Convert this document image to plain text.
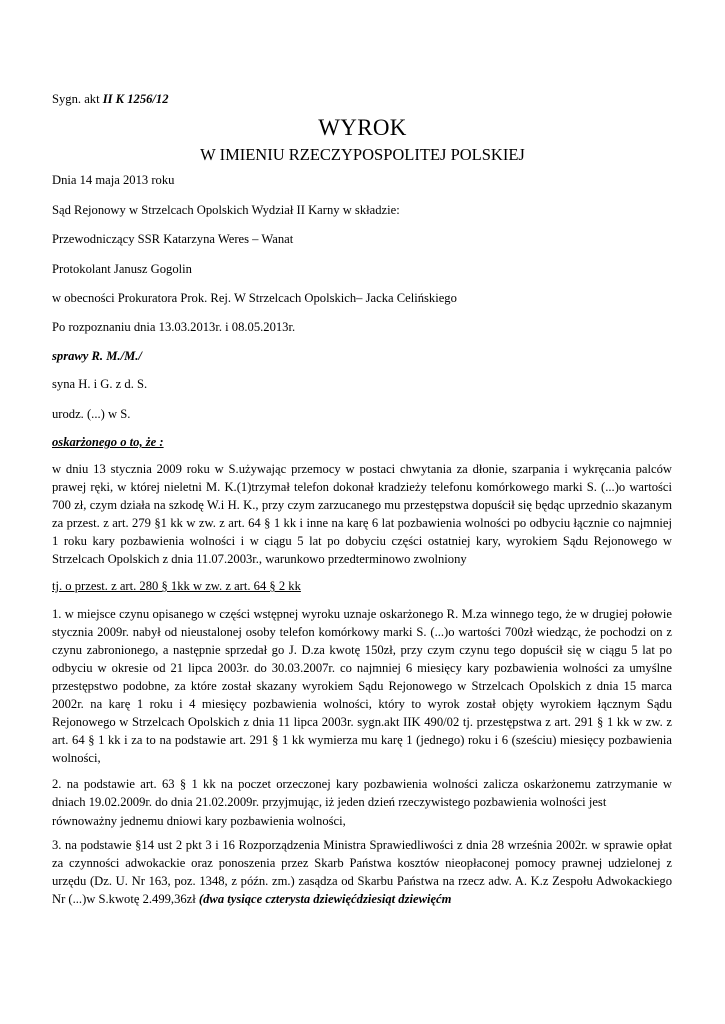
Sygn. akt II K 1256/12

WYROK
W IMIENIU RZECZYPOSPOLITEJ POLSKIEJ

Dnia 14 maja 2013 roku

Sąd Rejonowy w Strzelcach Opolskich Wydział II Karny w składzie:

Przewodniczący SSR Katarzyna Weres – Wanat

Protokolant Janusz Gogolin

w obecności Prokuratora Prok. Rej. W Strzelcach Opolskich– Jacka Celińskiego

Po rozpoznaniu dnia 13.03.2013r. i 08.05.2013r.

sprawy R. M./M./

syna H. i G. z d. S.

urodz. (...) w S.

oskarżonego o to, że :

w dniu 13 stycznia 2009 roku w S.używając przemocy w postaci chwytania za dłonie, szarpania i wykręcania palców prawej ręki, w której nieletni M. K.(1)trzymał telefon dokonał kradzieży telefonu komórkowego marki S. (...)o wartości 700 zł, czym działa na szkodę W.i H. K., przy czym zarzucanego mu przestępstwa dopuścił się będąc uprzednio skazanym za przest. z art. 279 §1 kk w zw. z art. 64 § 1 kk i inne na karę 6 lat pozbawienia wolności po odbyciu łącznie co najmniej 1 roku kary pozbawienia wolności i w ciągu 5 lat po dobyciu części ostatniej kary, wyrokiem Sądu Rejonowego w Strzelcach Opolskich z dnia 11.07.2003r., warunkowo przedterminowo zwolniony

tj. o przest. z art. 280 § 1kk w zw. z art. 64 § 2 kk

1. w miejsce czynu opisanego w części wstępnej wyroku uznaje oskarżonego R. M.za winnego tego, że w drugiej połowie stycznia 2009r. nabył od nieustalonej osoby telefon komórkowy marki S. (...)o wartości 700zł wiedząc, że pochodzi on z czynu zabronionego, a następnie sprzedał go J. D.za kwotę 150zł, przy czym czynu tego dopuścił się w ciągu 5 lat po odbyciu w okresie od 21 lipca 2003r. do 30.03.2007r. co najmniej 6 miesięcy kary pozbawienia wolności za umyślne przestępstwo podobne, za które został skazany wyrokiem Sądu Rejonowego w Strzelcach Opolskich z dnia 15 marca 2002r. na karę 1 roku i 4 miesięcy pozbawienia wolności, który to wyrok został objęty wyrokiem łącznym Sądu Rejonowego w Strzelcach Opolskich z dnia 11 lipca 2003r. sygn.akt IIK 490/02 tj. przestępstwa z art. 291 § 1 kk w zw. z art. 64 § 1 kk i za to na podstawie art. 291 § 1 kk wymierza mu karę 1 (jednego) roku i 6 (sześciu) miesięcy pozbawienia wolności,

2. na podstawie art. 63 § 1 kk na poczet orzeczonej kary pozbawienia wolności zalicza oskarżonemu zatrzymanie w dniach 19.02.2009r. do dnia 21.02.2009r. przyjmując, iż jeden dzień rzeczywistego pozbawienia wolności jest

równoważny jednemu dniowi kary pozbawienia wolności,

3. na podstawie §14 ust 2 pkt 3 i 16 Rozporządzenia Ministra Sprawiedliwości z dnia 28 września 2002r. w sprawie opłat za czynności adwokackie oraz ponoszenia przez Skarb Państwa kosztów nieopłaconej pomocy prawnej udzielonej z urzędu (Dz. U. Nr 163, poz. 1348, z późn. zm.) zasądza od Skarbu Państwa na rzecz adw. A. K.z Zespołu Adwokackiego Nr (...)w S.kwotę 2.499,36zł (dwa tysiące czterysta dziewięćdziesiąt dziewięćm
